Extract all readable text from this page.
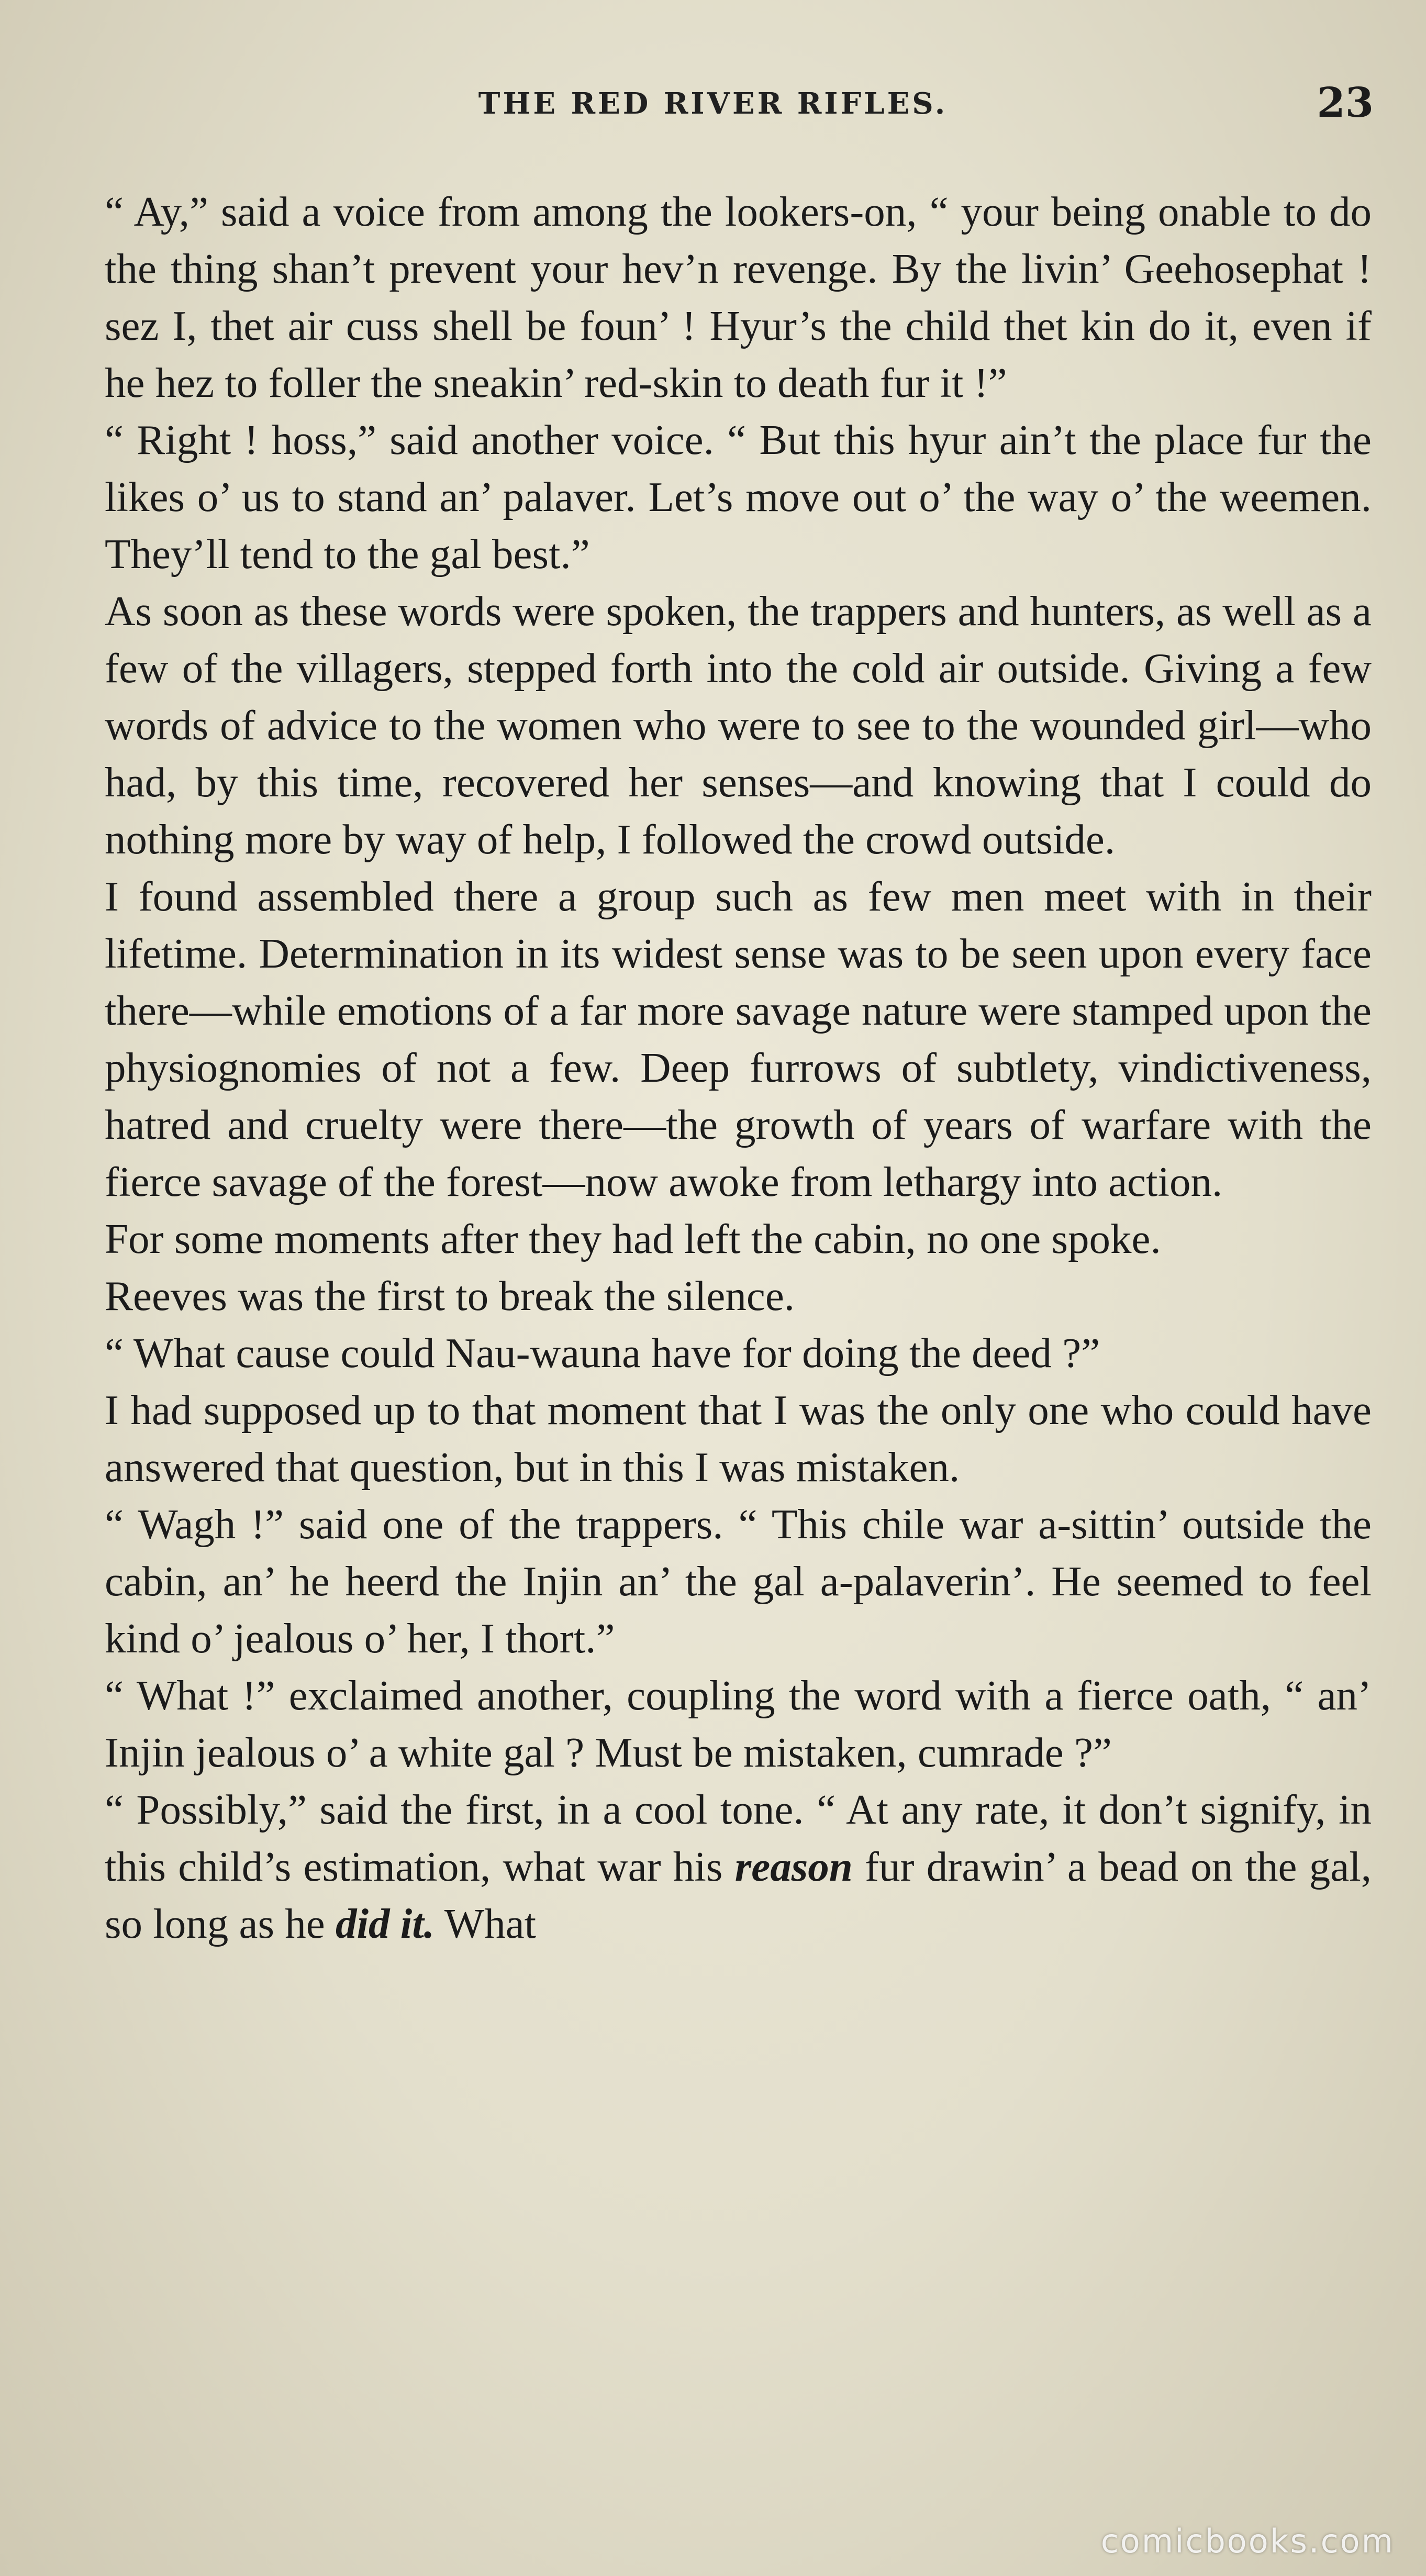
THE RED RIVER RIFLES.	23

“ Ay,” said a voice from among the lookers-on, “ your being onable to do the thing shan’t prevent your hev’n revenge. By the livin’ Geehosephat ! sez I, thet air cuss shell be foun’ ! Hyur’s the child thet kin do it, even if he hez to foller the sneakin’ red-skin to death fur it !”

“ Right ! hoss,” said another voice. “ But this hyur ain’t the place fur the likes o’ us to stand an’ palaver. Let’s move out o’ the way o’ the weemen. They’ll tend to the gal best.”

As soon as these words were spoken, the trappers and hunters, as well as a few of the villagers, stepped forth into the cold air outside. Giving a few words of advice to the women who were to see to the wounded girl—who had, by this time, recovered her senses—and knowing that I could do nothing more by way of help, I followed the crowd outside.

I found assembled there a group such as few men meet with in their lifetime. Determination in its widest sense was to be seen upon every face there—while emotions of a far more savage nature were stamped upon the physiognomies of not a few. Deep furrows of subtlety, vindictiveness, hatred and cruelty were there—the growth of years of warfare with the fierce savage of the forest—now awoke from lethargy into action.

For some moments after they had left the cabin, no one spoke.

Reeves was the first to break the silence.

“ What cause could Nau-wauna have for doing the deed ?”

I had supposed up to that moment that I was the only one who could have answered that question, but in this I was mistaken.

“ Wagh !” said one of the trappers. “ This chile war a-sittin’ outside the cabin, an’ he heerd the Injin an’ the gal a-palaverin’. He seemed to feel kind o’ jealous o’ her, I thort.”

“ What !” exclaimed another, coupling the word with a fierce oath, “ an’ Injin jealous o’ a white gal ? Must be mistaken, cumrade ?”

“ Possibly,” said the first, in a cool tone. “ At any rate, it don’t signify, in this child’s estimation, what war his reason fur drawin’ a bead on the gal, so long as he did it. What

comicbooks.com
